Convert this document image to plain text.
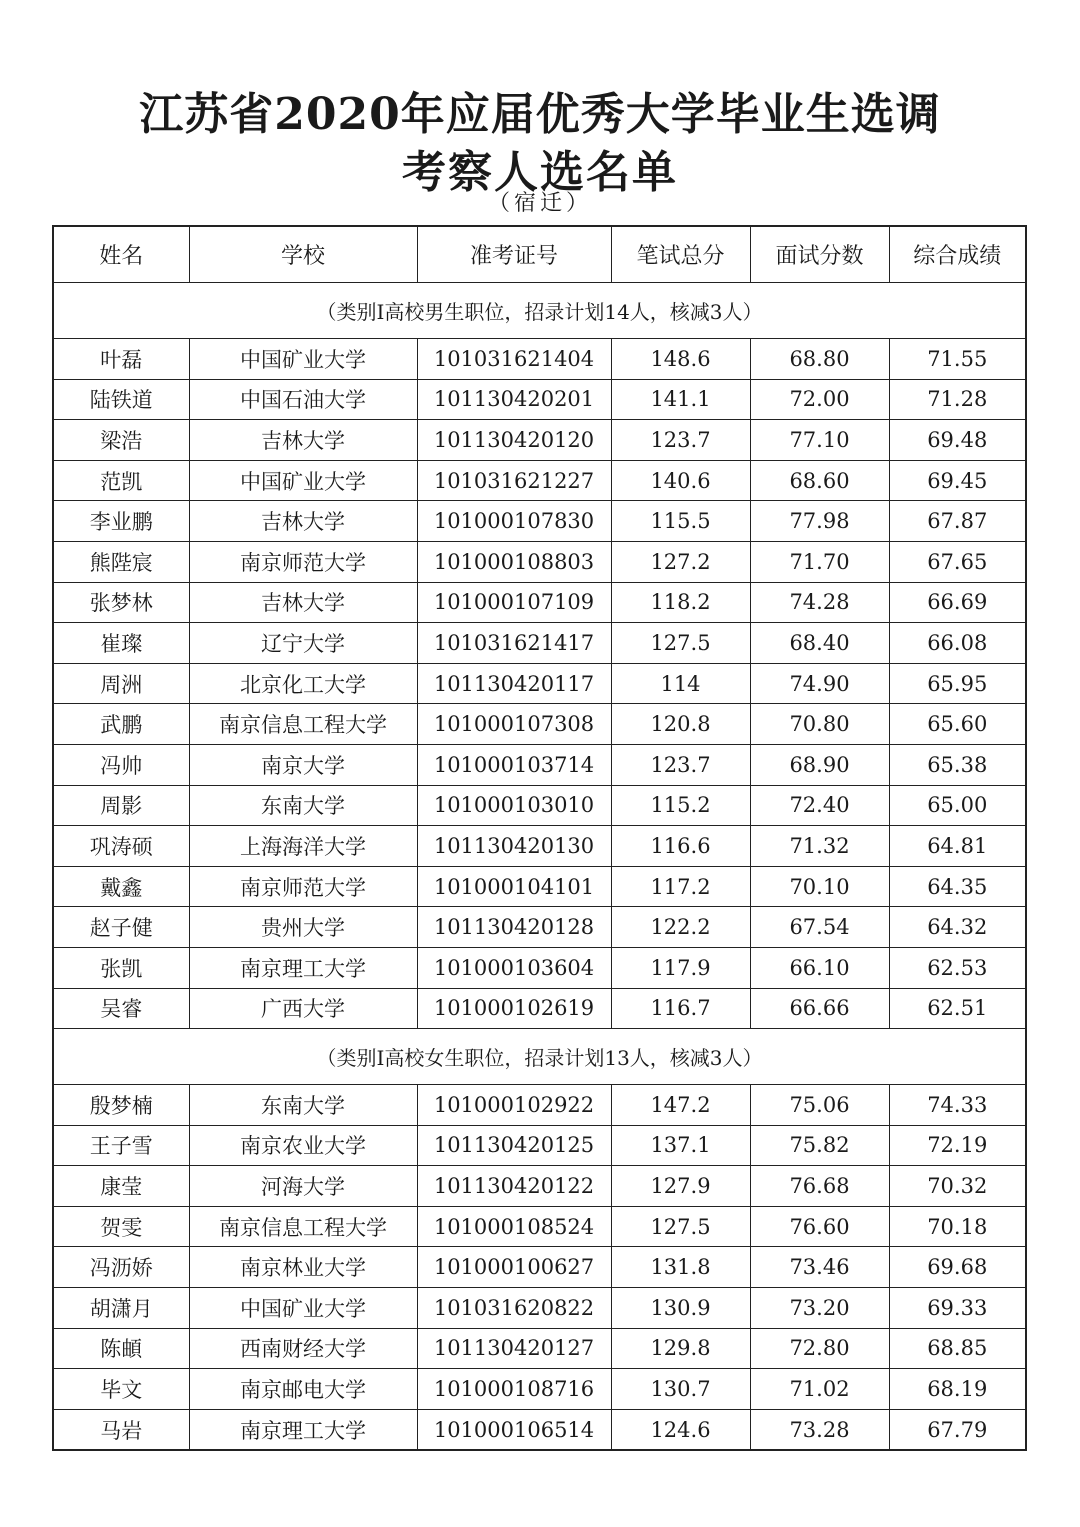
江苏省2020年应届优秀大学毕业生选调
考察人选名单
（宿迁）
姓名	学校	准考证号	笔试总分	面试分数	综合成绩
（类别I高校男生职位，招录计划14人，核减3人）					
叶磊	中国矿业大学	101031621404	148.6	68.80	71.55
陆铁道	中国石油大学	101130420201	141.1	72.00	71.28
梁浩	吉林大学	101130420120	123.7	77.10	69.48
范凯	中国矿业大学	101031621227	140.6	68.60	69.45
李业鹏	吉林大学	101000107830	115.5	77.98	67.87
熊陛宸	南京师范大学	101000108803	127.2	71.70	67.65
张梦林	吉林大学	101000107109	118.2	74.28	66.69
崔璨	辽宁大学	101031621417	127.5	68.40	66.08
周洲	北京化工大学	101130420117	114	74.90	65.95
武鹏	南京信息工程大学	101000107308	120.8	70.80	65.60
冯帅	南京大学	101000103714	123.7	68.90	65.38
周影	东南大学	101000103010	115.2	72.40	65.00
巩涛硕	上海海洋大学	101130420130	116.6	71.32	64.81
戴鑫	南京师范大学	101000104101	117.2	70.10	64.35
赵子健	贵州大学	101130420128	122.2	67.54	64.32
张凯	南京理工大学	101000103604	117.9	66.10	62.53
吴睿	广西大学	101000102619	116.7	66.66	62.51
（类别I高校女生职位，招录计划13人，核减3人）					
殷梦楠	东南大学	101000102922	147.2	75.06	74.33
王子雪	南京农业大学	101130420125	137.1	75.82	72.19
康莹	河海大学	101130420122	127.9	76.68	70.32
贺雯	南京信息工程大学	101000108524	127.5	76.60	70.18
冯沥娇	南京林业大学	101000100627	131.8	73.46	69.68
胡潇月	中国矿业大学	101031620822	130.9	73.20	69.33
陈頔	西南财经大学	101130420127	129.8	72.80	68.85
毕文	南京邮电大学	101000108716	130.7	71.02	68.19
马岩	南京理工大学	101000106514	124.6	73.28	67.79
